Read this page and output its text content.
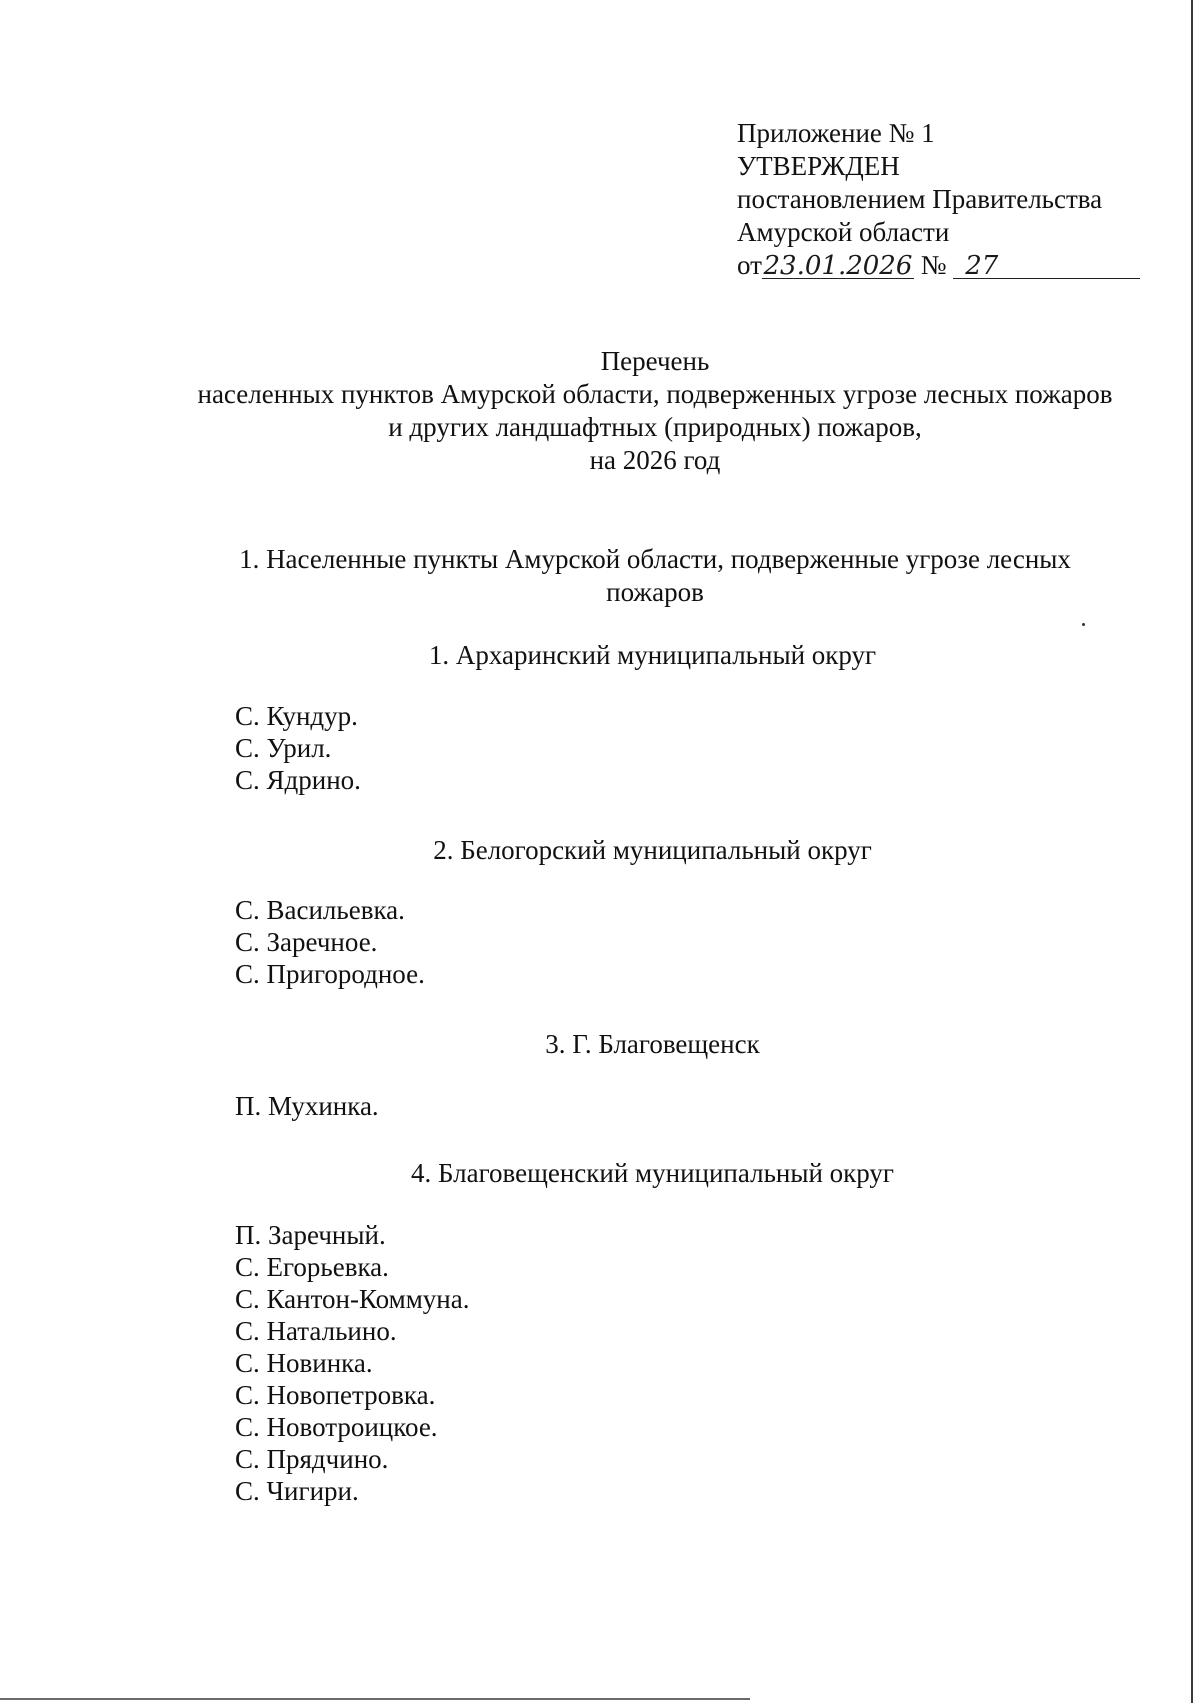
Приложение № 1
УТВЕРЖДЕН
постановлением Правительства
Амурской области
от23.01.2026 № 27
Перечень
населенных пунктов Амурской области, подверженных угрозе лесных пожаров
и других ландшафтных (природных) пожаров,
на 2026 год
1. Населенные пункты Амурской области, подверженные угрозе лесных пожаров
1. Архаринский муниципальный округ
С. Кундур.
С. Урил.
С. Ядрино.
2. Белогорский муниципальный округ
С. Васильевка.
С. Заречное.
С. Пригородное.
3. Г. Благовещенск
П. Мухинка.
4. Благовещенский муниципальный округ
П. Заречный.
С. Егорьевка.
С. Кантон-Коммуна.
С. Натальино.
С. Новинка.
С. Новопетровка.
С. Новотроицкое.
С. Прядчино.
С. Чигири.
